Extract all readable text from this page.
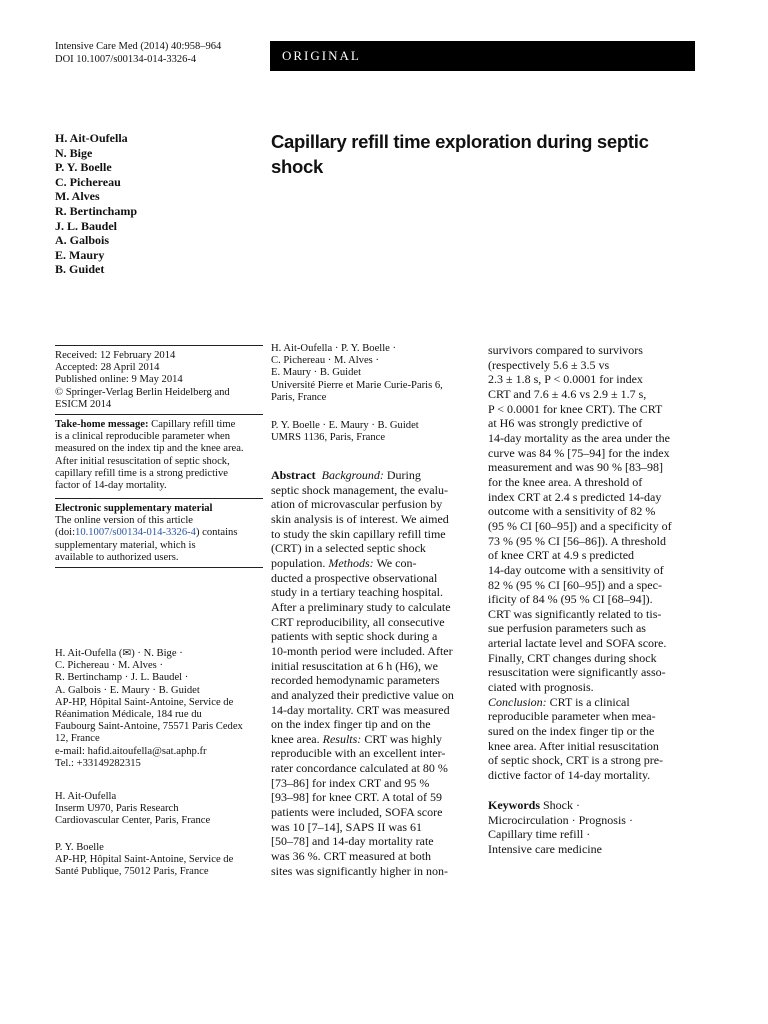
Intensive Care Med (2014) 40:958–964
DOI 10.1007/s00134-014-3326-4	ORIGINAL
H. Ait-Oufella
N. Bige
P. Y. Boelle
C. Pichereau
M. Alves
R. Bertinchamp
J. L. Baudel
A. Galbois
E. Maury
B. Guidet
Capillary refill time exploration during septic
shock
Received: 12 February 2014
Accepted: 28 April 2014
Published online: 9 May 2014
© Springer-Verlag Berlin Heidelberg and
ESICM 2014
Take-home message: Capillary refill time
is a clinical reproducible parameter when
measured on the index tip and the knee area.
After initial resuscitation of septic shock,
capillary refill time is a strong predictive
factor of 14-day mortality.
Electronic supplementary material
The online version of this article
(doi:10.1007/s00134-014-3326-4) contains
supplementary material, which is
available to authorized users.
H. Ait-Oufella (✉) · N. Bige ·
C. Pichereau · M. Alves ·
R. Bertinchamp · J. L. Baudel ·
A. Galbois · E. Maury · B. Guidet
AP-HP, Hôpital Saint-Antoine, Service de
Réanimation Médicale, 184 rue du
Faubourg Saint-Antoine, 75571 Paris Cedex
12, France
e-mail: hafid.aitoufella@sat.aphp.fr
Tel.: +33149282315
H. Ait-Oufella
Inserm U970, Paris Research
Cardiovascular Center, Paris, France
P. Y. Boelle
AP-HP, Hôpital Saint-Antoine, Service de
Santé Publique, 75012 Paris, France
H. Ait-Oufella · P. Y. Boelle ·
C. Pichereau · M. Alves ·
E. Maury · B. Guidet
Université Pierre et Marie Curie-Paris 6,
Paris, France
P. Y. Boelle · E. Maury · B. Guidet
UMRS 1136, Paris, France
Abstract Background: During
septic shock management, the evalu-
ation of microvascular perfusion by
skin analysis is of interest. We aimed
to study the skin capillary refill time
(CRT) in a selected septic shock
population. Methods: We con-
ducted a prospective observational
study in a tertiary teaching hospital.
After a preliminary study to calculate
CRT reproducibility, all consecutive
patients with septic shock during a
10-month period were included. After
initial resuscitation at 6 h (H6), we
recorded hemodynamic parameters
and analyzed their predictive value on
14-day mortality. CRT was measured
on the index finger tip and on the
knee area. Results: CRT was highly
reproducible with an excellent inter-
rater concordance calculated at 80 %
[73–86] for index CRT and 95 %
[93–98] for knee CRT. A total of 59
patients were included, SOFA score
was 10 [7–14], SAPS II was 61
[50–78] and 14-day mortality rate
was 36 %. CRT measured at both
sites was significantly higher in non-
survivors compared to survivors
(respectively 5.6 ± 3.5 vs
2.3 ± 1.8 s, P < 0.0001 for index
CRT and 7.6 ± 4.6 vs 2.9 ± 1.7 s,
P < 0.0001 for knee CRT). The CRT
at H6 was strongly predictive of
14-day mortality as the area under the
curve was 84 % [75–94] for the index
measurement and was 90 % [83–98]
for the knee area. A threshold of
index CRT at 2.4 s predicted 14-day
outcome with a sensitivity of 82 %
(95 % CI [60–95]) and a specificity of
73 % (95 % CI [56–86]). A threshold
of knee CRT at 4.9 s predicted
14-day outcome with a sensitivity of
82 % (95 % CI [60–95]) and a spec-
ificity of 84 % (95 % CI [68–94]).
CRT was significantly related to tis-
sue perfusion parameters such as
arterial lactate level and SOFA score.
Finally, CRT changes during shock
resuscitation were significantly asso-
ciated with prognosis.
Conclusion: CRT is a clinical
reproducible parameter when mea-
sured on the index finger tip or the
knee area. After initial resuscitation
of septic shock, CRT is a strong pre-
dictive factor of 14-day mortality.
Keywords Shock ·
Microcirculation · Prognosis ·
Capillary time refill ·
Intensive care medicine
